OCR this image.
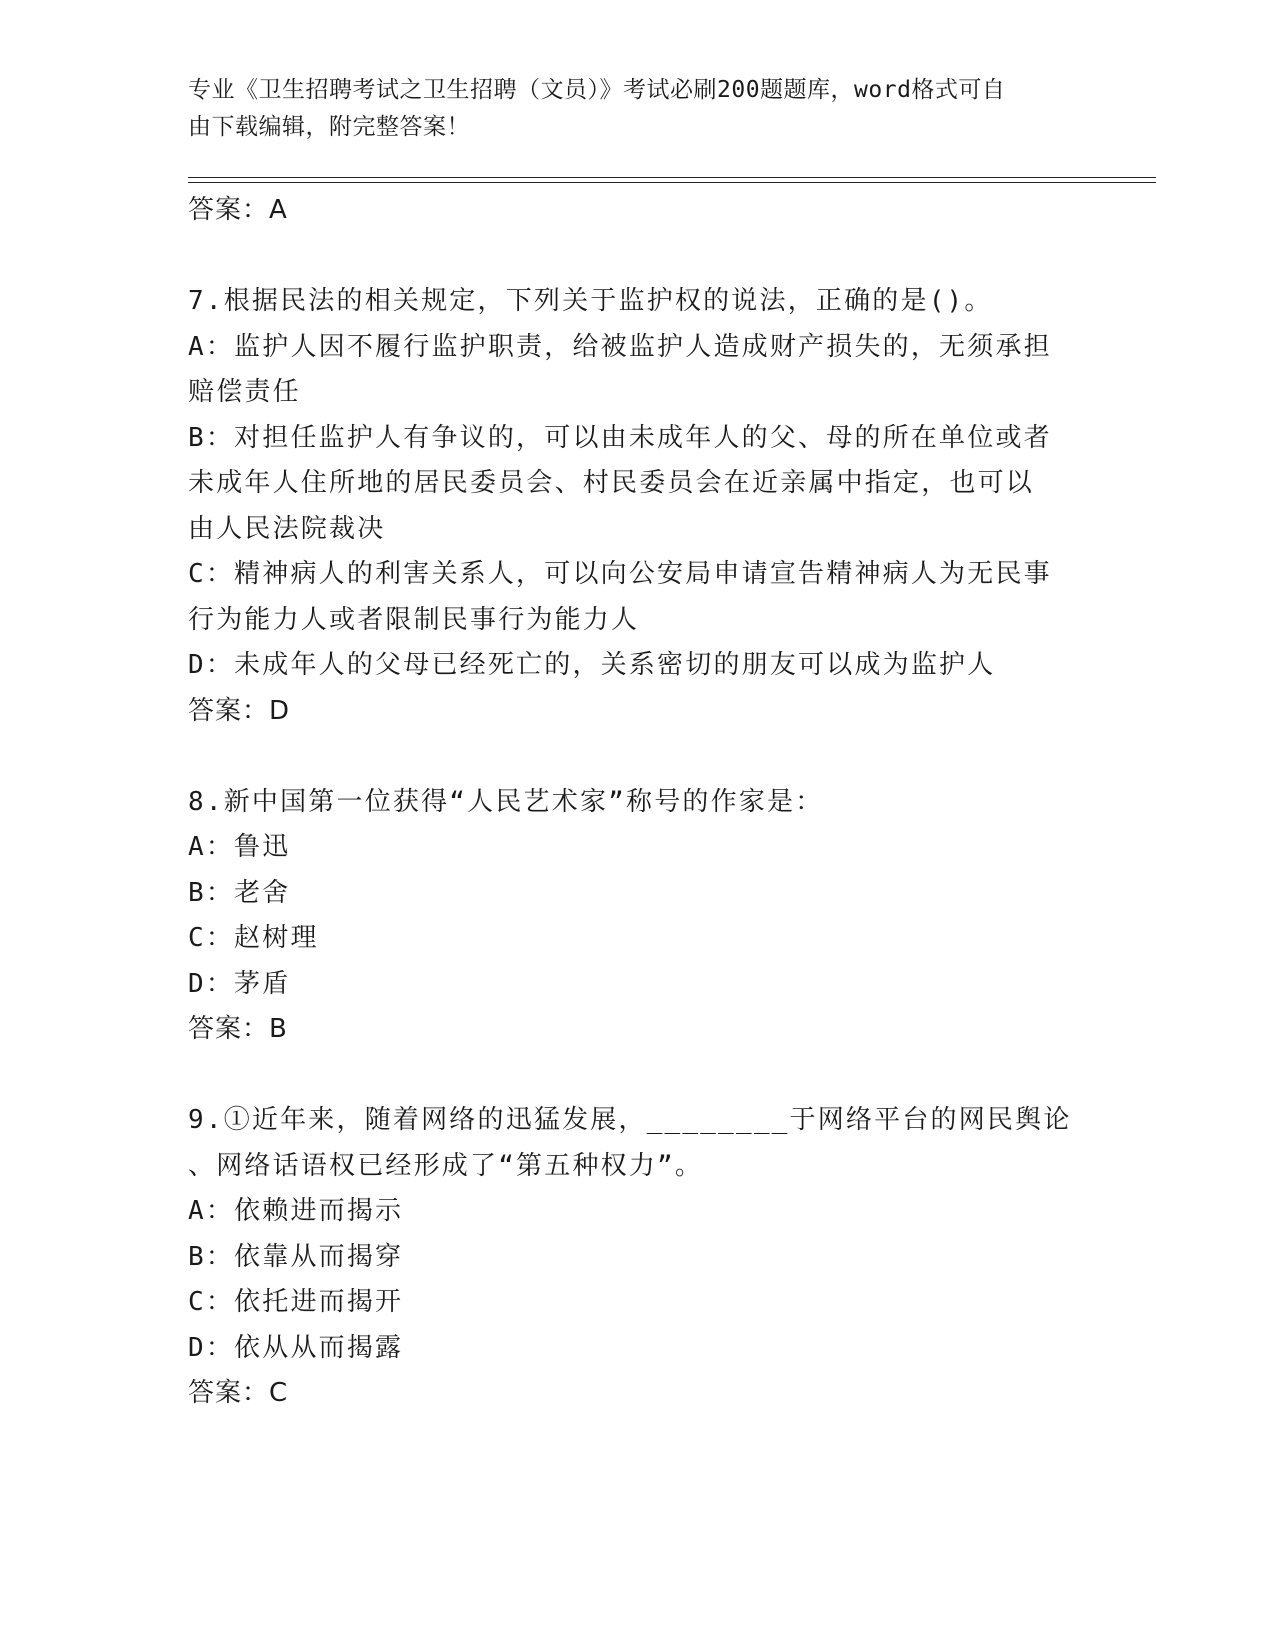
专业《卫生招聘考试之卫生招聘（文员）》考试必刷200题题库，word格式可自
由下载编辑，附完整答案！
答案：A
7.根据民法的相关规定，下列关于监护权的说法，正确的是()。
A：监护人因不履行监护职责，给被监护人造成财产损失的，无须承担
赔偿责任
B：对担任监护人有争议的，可以由未成年人的父、母的所在单位或者
未成年人住所地的居民委员会、村民委员会在近亲属中指定，也可以
由人民法院裁决
C：精神病人的利害关系人，可以向公安局申请宣告精神病人为无民事
行为能力人或者限制民事行为能力人
D：未成年人的父母已经死亡的，关系密切的朋友可以成为监护人
答案：D
8.新中国第一位获得“人民艺术家”称号的作家是：
A：鲁迅
B：老舍
C：赵树理
D：茅盾
答案：B
9.①近年来，随着网络的迅猛发展，________于网络平台的网民舆论
、网络话语权已经形成了“第五种权力”。
A：依赖进而揭示
B：依靠从而揭穿
C：依托进而揭开
D：依从从而揭露
答案：C
